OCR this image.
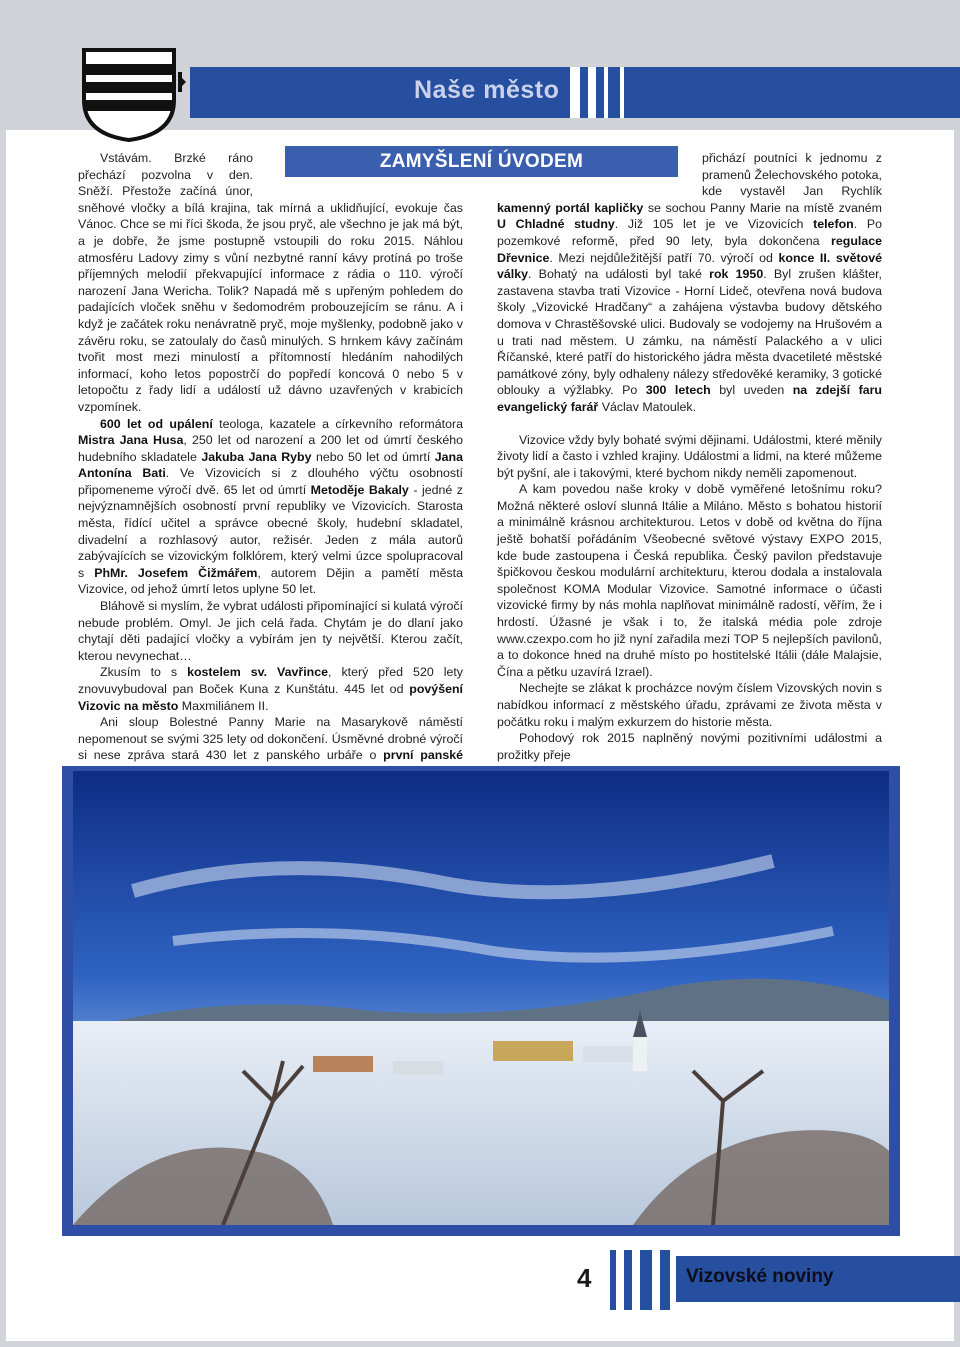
Naše město
ZAMYŠLENÍ ÚVODEM

Vstávám. Brzké ráno přechází pozvolna v den. Sněží. Přestože začíná únor, sněhové vločky a bílá krajina, tak mírná a uklidňující, evokuje čas Vánoc. Chce se mi říci škoda, že jsou pryč, ale všechno je jak má být, a je dobře, že jsme postupně vstoupili do roku 2015. Náhlou atmosféru Ladovy zimy s vůní nezbytné ranní kávy protíná po troše příjemných melodií překvapující informace z rádia o 110. výročí narození Jana Wericha. Tolik? Napadá mě s upřeným pohledem do padajících vloček sněhu v šedomodrém probouzejícím se ránu. A i když je začátek roku nenávratně pryč, moje myšlenky, podobně jako v závěru roku, se zatoulaly do časů minulých. S hrnkem kávy začínám tvořit most mezi minulostí a přítomností hledáním nahodilých informací, koho letos popostrčí do popředí koncová 0 nebo 5 v letopočtu z řady lidí a událostí už dávno uzavřených v krabicích vzpomínek.

600 let od upálení teologa, kazatele a církevního reformátora Mistra Jana Husa, 250 let od narození a 200 let od úmrtí českého hudebního skladatele Jakuba Jana Ryby nebo 50 let od úmrtí Jana Antonína Bati. Ve Vizovicích si z dlouhého výčtu osobností připomeneme výročí dvě. 65 let od úmrtí Metoděje Bakaly - jedné z nejvýznamnějších osobností první republiky ve Vizovicích. Starosta města, řídící učitel a správce obecné školy, hudební skladatel, divadelní a rozhlasový autor, režisér. Jeden z mála autorů zabývajících se vizovickým folklórem, který velmi úzce spolupracoval s PhMr. Josefem Čižmářem, autorem Dějin a pamětí města Vizovice, od jehož úmrtí letos uplyne 50 let.

Bláhově si myslím, že vybrat události připomínající si kulatá výročí nebude problém. Omyl. Je jich celá řada. Chytám je do dlaní jako chytají děti padající vločky a vybírám jen ty největší. Kterou začít, kterou nevynechat…

Zkusím to s kostelem sv. Vavřince, který před 520 lety znovuvybudoval pan Boček Kuna z Kunštátu. 445 let od povýšení Vizovic na město Maxmiliánem II.

Ani sloup Bolestné Panny Marie na Masarykově náměstí nepomenout se svými 325 lety od dokončení. Úsměvné drobné výročí si nese zpráva stará 430 let z panského urbáře o první panské

přichází poutníci k jednomu z pramenů Želechovského potoka, kde vystavěl Jan Rychlík kamenný portál kapličky se sochou Panny Marie na místě zvaném U Chladné studny. Již 105 let je ve Vizovicích telefon. Po pozemkové reformě, před 90 lety, byla dokončena regulace Dřevnice. Mezi nejdůležitější patří 70. výročí od konce II. světové války. Bohatý na události byl také rok 1950. Byl zrušen klášter, zastavena stavba trati Vizovice - Horní Lideč, otevřena nová budova školy „Vizovické Hradčany“ a zahájena výstavba budovy dětského domova v Chrastěšovské ulici. Budovaly se vodojemy na Hrušovém a u trati nad městem. U zámku, na náměstí Palackého a v ulici Říčanské, které patří do historického jádra města dvacetileté městské památkové zóny, byly odhaleny nálezy středověké keramiky, 3 gotické oblouky a výžlabky. Po 300 letech byl uveden na zdejší faru evangelický farář Václav Matoulek.

Vizovice vždy byly bohaté svými dějinami. Událostmi, které měnily životy lidí a často i vzhled krajiny. Událostmi a lidmi, na které můžeme být pyšní, ale i takovými, které bychom nikdy neměli zapomenout.

A kam povedou naše kroky v době vyměřené letošnímu roku? Možná některé osloví slunná Itálie a Miláno. Město s bohatou historií a minimálně krásnou architekturou. Letos v době od května do října ještě bohatší pořádáním Všeobecné světové výstavy EXPO 2015, kde bude zastoupena i Česká republika. Český pavilon představuje špičkovou českou modulární architekturu, kterou dodala a instalovala společnost KOMA Modular Vizovice. Samotné informace o účasti vizovické firmy by nás mohla naplňovat minimálně radostí, věřím, že i hrdostí. Úžasné je však i to, že italská média pole zdroje www.czexpo.com ho již nyní zařadila mezi TOP 5 nejlepších pavilonů, a to dokonce hned na druhé místo po hostitelské Itálii (dále Malajsie, Čína a pětku uzavírá Izrael).

Nechejte se zlákat k procházce novým číslem Vizovských novin s nabídkou informací z městského úřadu, zprávami ze života města v počátku roku i malým exkurzem do historie města.

Pohodový rok 2015 naplněný novými pozitivními událostmi a prožitky přeje

4	Vizovské noviny
